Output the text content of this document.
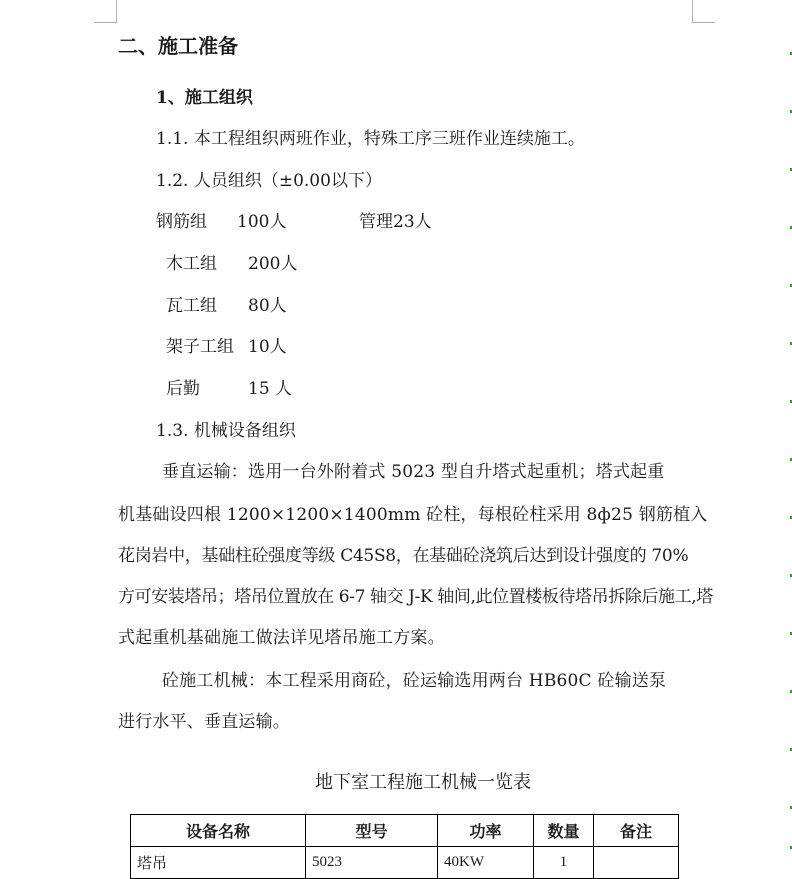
二、施工准备
1、施工组织
1.1. 本工程组织两班作业，特殊工序三班作业连续施工。
1.2. 人员组织（±0.00以下）
钢筋组 100人	管理23人
木工组 200人
瓦工组 80人
架子工组 10人
后勤	15 人
1.3. 机械设备组织
垂直运输：选用一台外附着式 5023 型自升塔式起重机；塔式起重
机基础设四根 1200×1200×1400mm 砼柱，每根砼柱采用 8ф25 钢筋植入
花岗岩中，基础柱砼强度等级 C45S8，在基础砼浇筑后达到设计强度的 70%
方可安装塔吊；塔吊位置放在 6-7 轴交 J-K 轴间,此位置楼板待塔吊拆除后施工,塔
式起重机基础施工做法详见塔吊施工方案。
砼施工机械：本工程采用商砼，砼运输选用两台 HB60C 砼输送泵
进行水平、垂直运输。
地下室工程施工机械一览表
设备名称	型号	功率	数量	备注
塔吊	5023	40KW	1	
